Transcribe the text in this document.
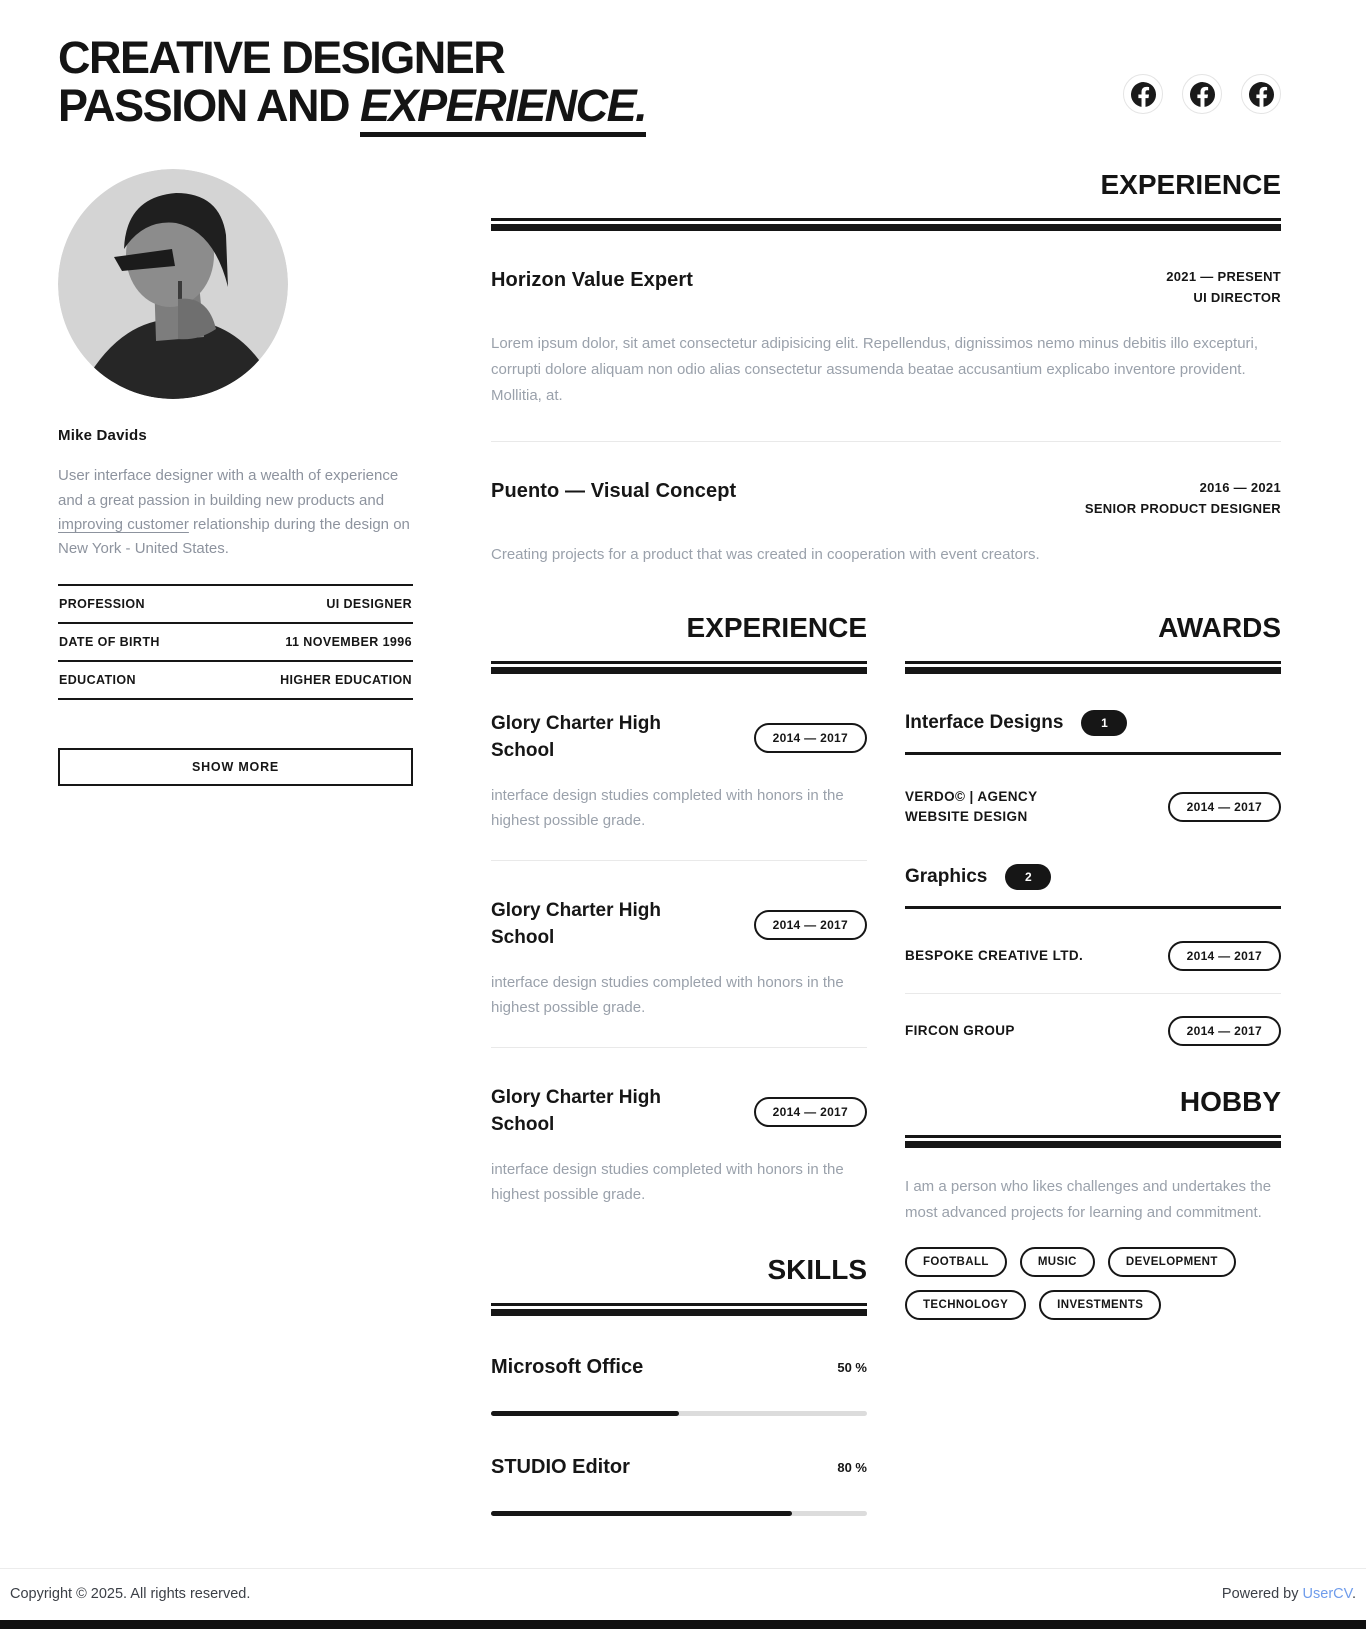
CREATIVE DESIGNER
PASSION AND EXPERIENCE.
Mike Davids

User interface designer with a wealth of experience and a great passion in building new products and improving customer relationship during the design on New York - United States.

PROFESSION	UI DESIGNER
DATE OF BIRTH	11 NOVEMBER 1996
EDUCATION	HIGHER EDUCATION
SHOW MORE
EXPERIENCE
Horizon Value Expert	2021 — PRESENT
UI DIRECTOR

Lorem ipsum dolor, sit amet consectetur adipisicing elit. Repellendus, dignissimos nemo minus debitis illo excepturi, corrupti dolore aliquam non odio alias consectetur assumenda beatae accusantium explicabo inventore provident. Mollitia, at.

Puento — Visual Concept	2016 — 2021
SENIOR PRODUCT DESIGNER

Creating projects for a product that was created in cooperation with event creators.

EXPERIENCE
Glory Charter High School
2014 — 2017

interface design studies completed with honors in the highest possible grade.

Glory Charter High School
2014 — 2017

interface design studies completed with honors in the highest possible grade.

Glory Charter High School
2014 — 2017

interface design studies completed with honors in the highest possible grade.

SKILLS
Microsoft Office	50 %
STUDIO Editor	80 %
AWARDS
Interface Designs	1
VERDO© | AGENCY
WEBSITE DESIGN
2014 — 2017
Graphics	2
BESPOKE CREATIVE LTD.	2014 — 2017
FIRCON GROUP	2014 — 2017
HOBBY

I am a person who likes challenges and undertakes the most advanced projects for learning and commitment.

FOOTBALL	MUSIC	DEVELOPMENT
TECHNOLOGY	INVESTMENTS
Copyright © 2025. All rights reserved.	Powered by UserCV.
